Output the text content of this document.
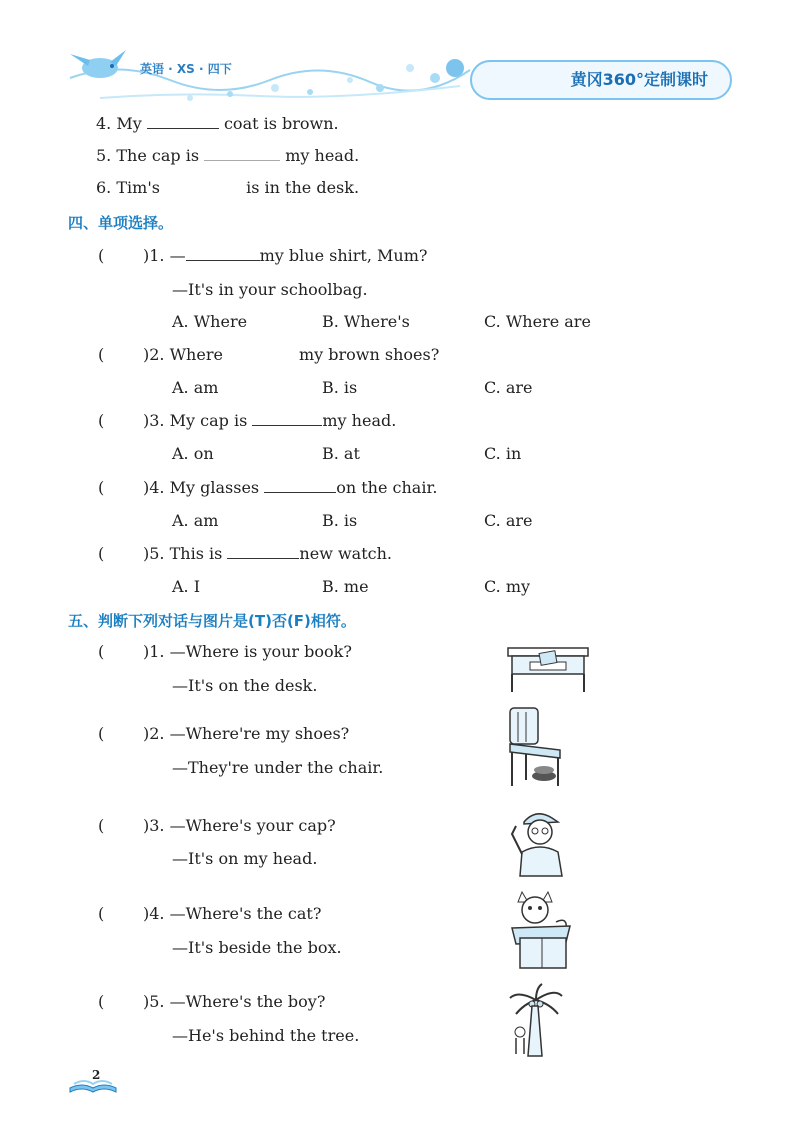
英语 · XS · 四下
黄冈360°定制课时
4. My	coat is brown.
5. The cap is	my head.
6. Tim's	is in the desk.
四、单项选择。
( )1. —	my blue shirt, Mum?
—It's in your schoolbag.
A. Where	B. Where's	C. Where are
( )2. Where	my brown shoes?
A. am	B. is	C. are
( )3. My cap is	my head.
A. on	B. at	C. in
( )4. My glasses	on the chair.
A. am	B. is	C. are
( )5. This is	new watch.
A. I	B. me	C. my
五、判断下列对话与图片是(T)否(F)相符。
( )1. —Where is your book?
—It's on the desk.
( )2. —Where're my shoes?
—They're under the chair.
( )3. —Where's your cap?
—It's on my head.
( )4. —Where's the cat?
—It's beside the box.
( )5. —Where's the boy?
—He's behind the tree.
2
